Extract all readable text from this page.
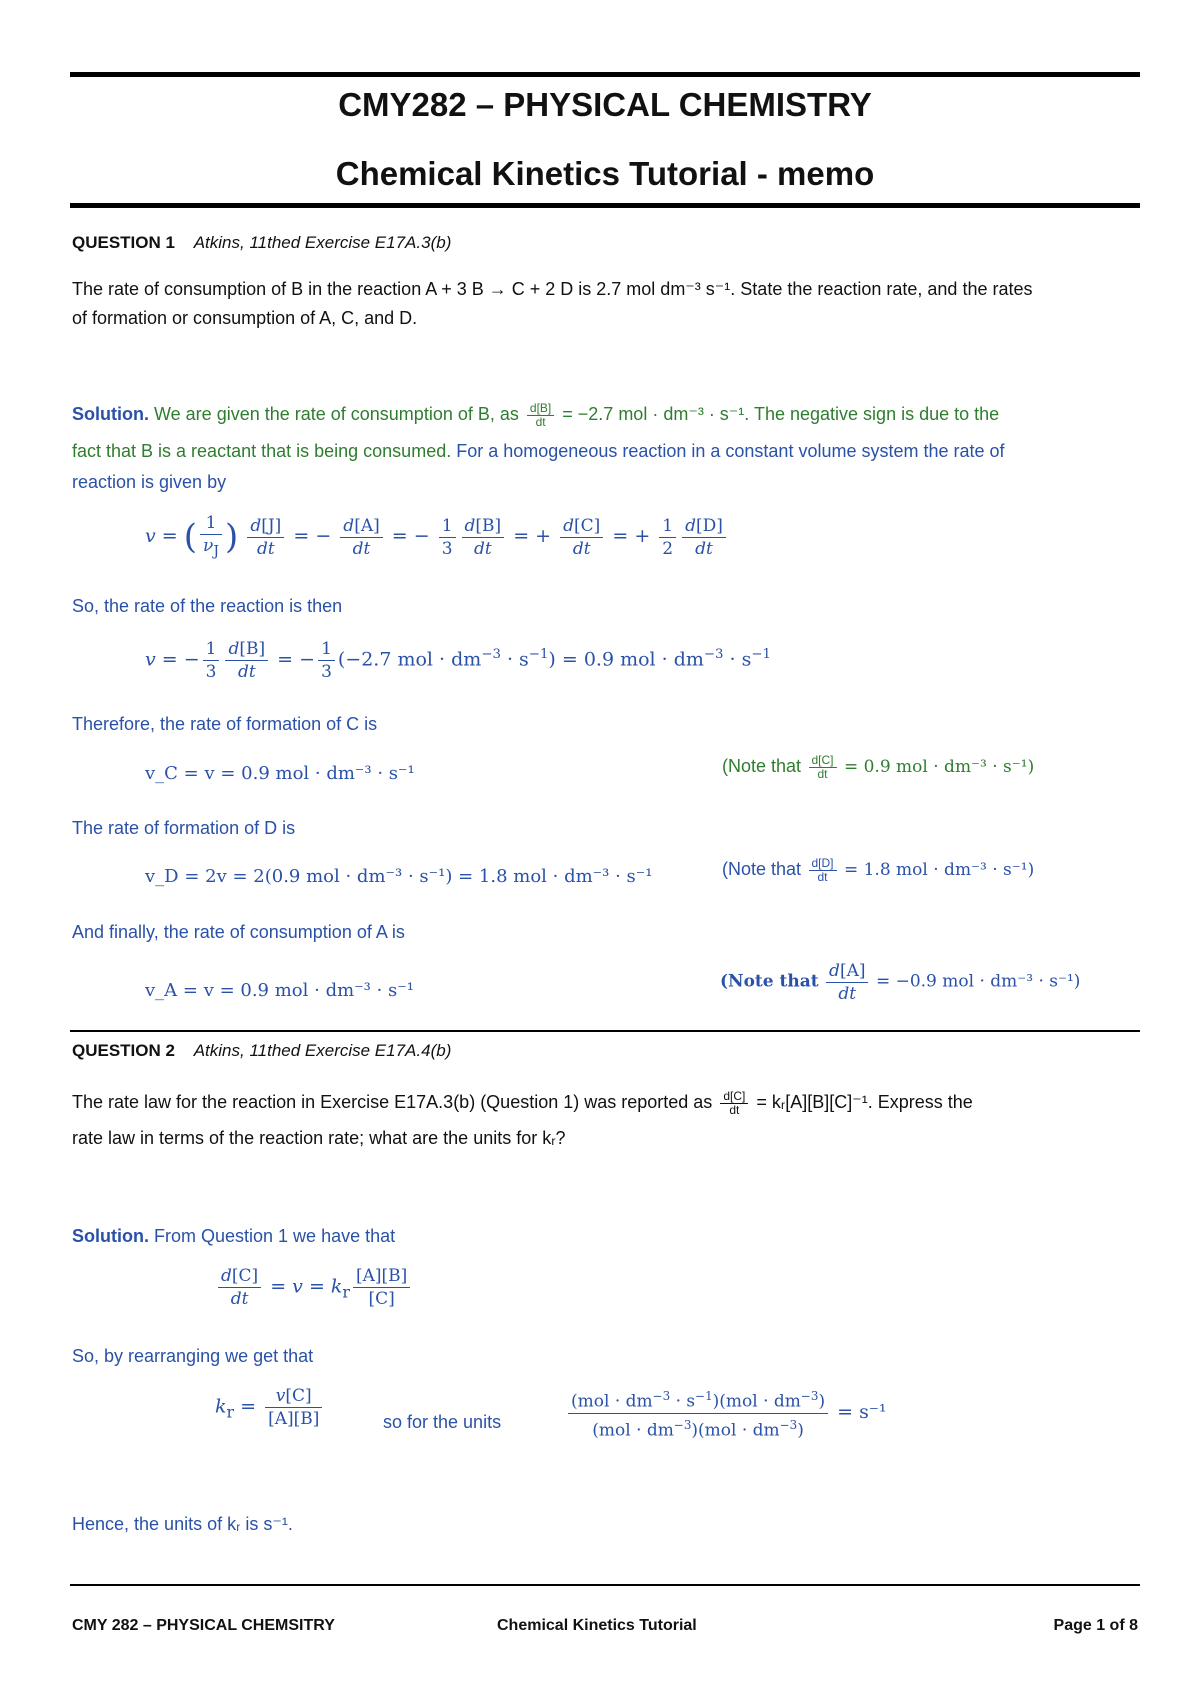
CMY282 – PHYSICAL CHEMISTRY
Chemical Kinetics Tutorial - memo
QUESTION 1 Atkins, 11thed Exercise E17A.3(b)
The rate of consumption of B in the reaction A + 3 B → C + 2 D is 2.7 mol dm⁻³ s⁻¹. State the reaction rate, and the rates
of formation or consumption of A, C, and D.
Solution. We are given the rate of consumption of B, as $\frac{d[B]}{dt} = -2.7$ mol · dm⁻³ · s⁻¹. The negative sign is due to the
fact that B is a reactant that is being consumed. For a homogeneous reaction in a constant volume system the rate of
reaction is given by
v = ( $\frac{1}{\nu_J}$ ) $\frac{d[J]}{dt}$ = − $\frac{d[A]}{dt}$ = − $\frac{1}{3} \frac{d[B]}{dt}$ = + $\frac{d[C]}{dt}$ = + $\frac{1}{2} \frac{d[D]}{dt}$
So, the rate of the reaction is then
v = − $\frac{1}{3} \frac{d[B]}{dt}$ = − $\frac{1}{3} (-2.7$ mol · $dm^{-3} \cdot s^{-1}) = 0.9$ mol · $dm^{-3} \cdot s^{-1}$
Therefore, the rate of formation of C is
v_C = v = 0.9 mol · dm⁻³ · s⁻¹	(Note that $\frac{d[C]}{dt} = 0.9$ mol · dm⁻³ · s⁻¹)
The rate of formation of D is
v_D = 2v = 2(0.9 mol · dm⁻³ · s⁻¹) = 1.8 mol · dm⁻³ · s⁻¹	(Note that $\frac{d[D]}{dt} = 1.8$ mol · dm⁻³ · s⁻¹)
And finally, the rate of consumption of A is
v_A = v = 0.9 mol · dm⁻³ · s⁻¹	(Note that $\frac{d[A]}{dt} = -0.9$ mol · dm⁻³ · s⁻¹)
QUESTION 2 Atkins, 11thed Exercise E17A.4(b)
The rate law for the reaction in Exercise E17A.3(b) (Question 1) was reported as $\frac{d[C]}{dt}$ = kᵣ[A][B][C]⁻¹. Express the
rate law in terms of the reaction rate; what are the units for kᵣ?
Solution. From Question 1 we have that
$\frac{d[C]}{dt} = v = k_r \frac{[A][B]}{[C]}$
So, by rearranging we get that
$k_r = \frac{v[C]}{[A][B]}$	so for the units	$\frac{(mol \cdot dm^{-3} \cdot s^{-1})(mol \cdot dm^{-3})}{(mol \cdot dm^{-3})(mol \cdot dm^{-3})} = s^{-1}$
Hence, the units of kᵣ is s⁻¹.
CMY 282 – PHYSICAL CHEMSITRY	Chemical Kinetics Tutorial	Page 1 of 8
